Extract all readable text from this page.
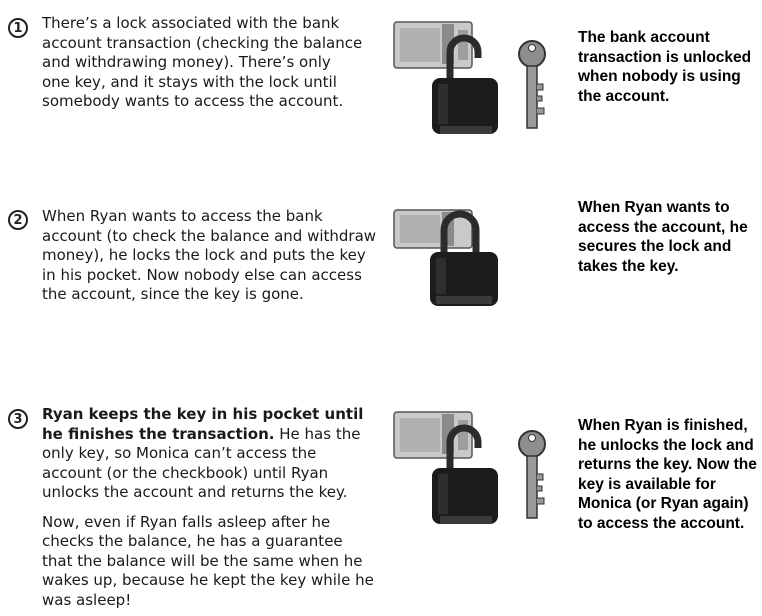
1	There’s a lock associated with the bank
account transaction (checking the balance
and withdrawing money). There’s only
one key, and it stays with the lock until
somebody wants to access the account.
The bank account transaction is unlocked when nobody is using the account.
2	When Ryan wants to access the bank
account (to check the balance and withdraw
money), he locks the lock and puts the key
in his pocket. Now nobody else can access
the account, since the key is gone.
When Ryan wants to access the account, he secures the lock and takes the key.
3	Ryan keeps the key in his pocket until he finishes the transaction. He has the only key, so Monica can’t access the account (or the checkbook) until Ryan unlocks the account and returns the key.

Now, even if Ryan falls asleep after he checks the balance, he has a guarantee that the balance will be the same when he wakes up, because he kept the key while he was asleep!

When Ryan is finished, he unlocks the lock and returns the key. Now the key is available for Monica (or Ryan again) to access the account.
